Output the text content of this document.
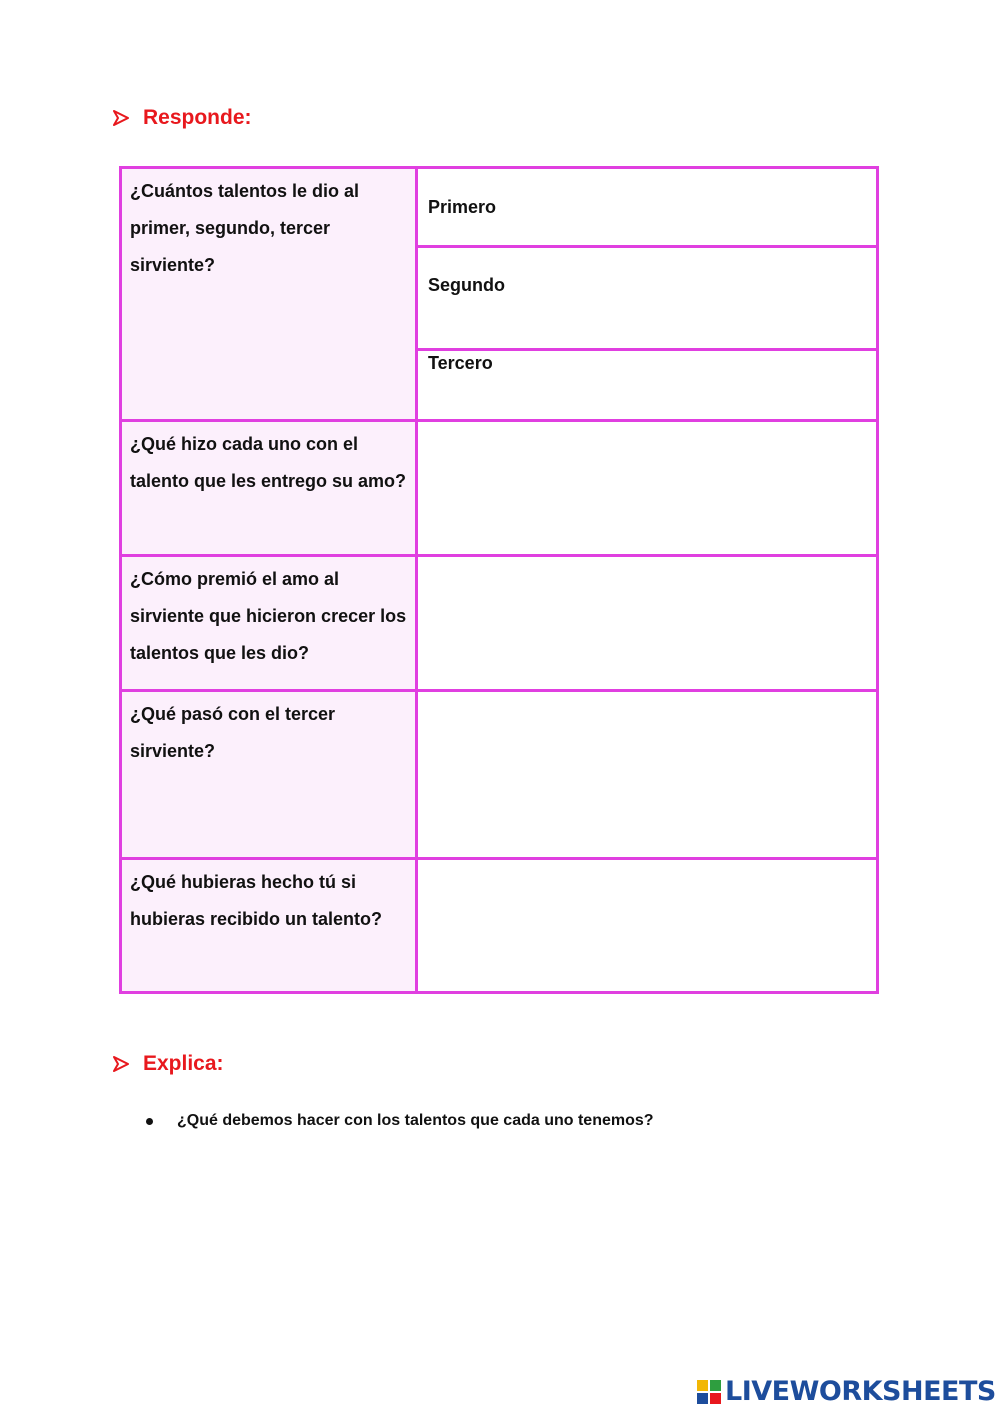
Responde:
¿Cuántos talentos le dio al primer, segundo, tercer sirviente?
Primero
Segundo
Tercero
¿Qué hizo cada uno con el talento que les entrego su amo?
¿Cómo premió el amo al sirviente que hicieron crecer los talentos que les dio?
¿Qué pasó con el tercer sirviente?
¿Qué hubieras hecho tú si hubieras recibido un talento?
Explica:
¿Qué debemos hacer con los talentos que cada uno tenemos?
LIVEWORKSHEETS
